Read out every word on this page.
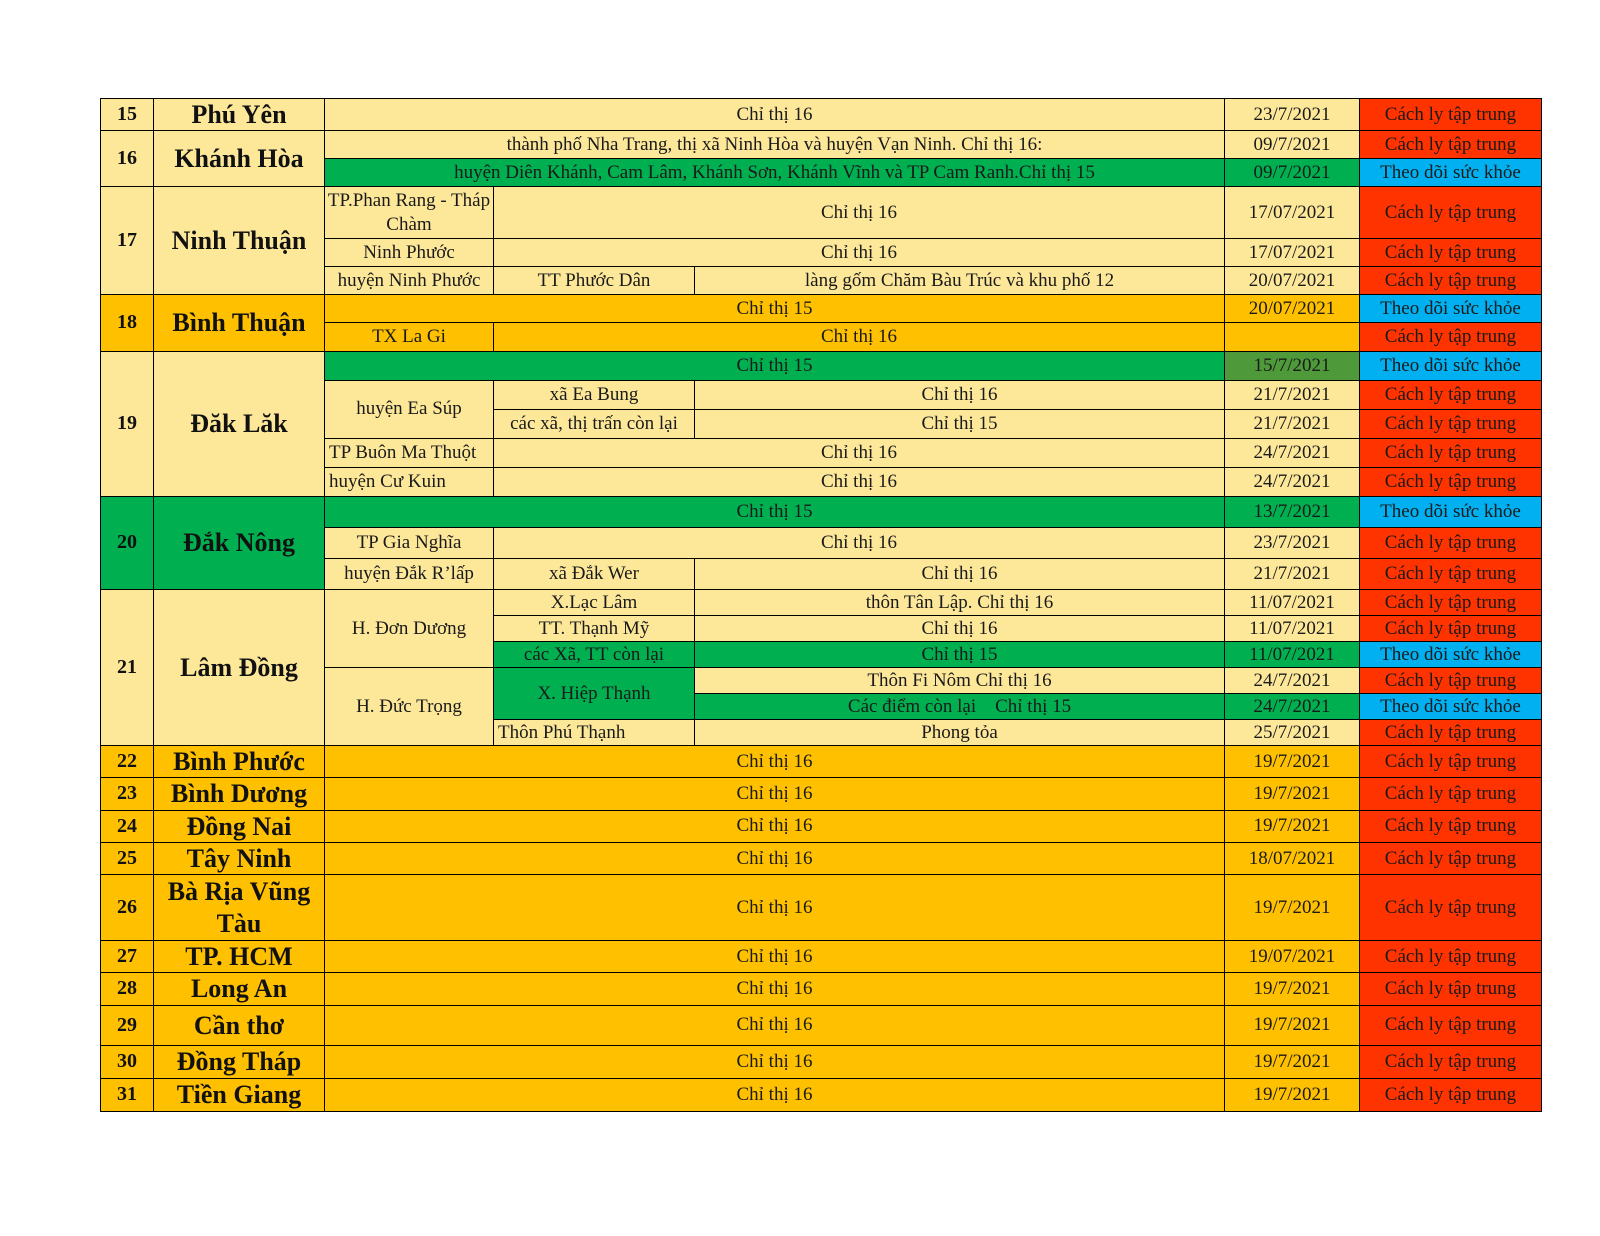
15	Phú Yên	Chỉ thị 16			23/7/2021	Cách ly tập trung
16	Khánh Hòa	thành phố Nha Trang, thị xã Ninh Hòa và huyện Vạn Ninh. Chỉ thị 16:			09/7/2021	Cách ly tập trung
		huyện Diên Khánh, Cam Lâm, Khánh Sơn, Khánh Vĩnh và TP Cam Ranh.Chỉ thị 15			09/7/2021	Theo dõi sức khỏe
17	Ninh Thuận	TP.Phan Rang - Tháp Chàm	Chỉ thị 16		17/07/2021	Cách ly tập trung
		Ninh Phước	Chỉ thị 16		17/07/2021	Cách ly tập trung
		huyện Ninh Phước	TT Phước Dân	làng gốm Chăm Bàu Trúc và khu phố 12	20/07/2021	Cách ly tập trung
18	Bình Thuận	Chỉ thị 15			20/07/2021	Theo dõi sức khỏe
		TX La Gi	Chỉ thị 16			Cách ly tập trung
19	Đăk Lăk	Chỉ thị 15			15/7/2021	Theo dõi sức khỏe
		huyện Ea Súp	xã Ea Bung	Chỉ thị 16	21/7/2021	Cách ly tập trung
			các xã, thị trấn còn lại	Chỉ thị 15	21/7/2021	Cách ly tập trung
		TP Buôn Ma Thuột	Chỉ thị 16		24/7/2021	Cách ly tập trung
		huyện Cư Kuin	Chỉ thị 16		24/7/2021	Cách ly tập trung
20	Đắk Nông	Chỉ thị 15			13/7/2021	Theo dõi sức khỏe
		TP Gia Nghĩa	Chỉ thị 16		23/7/2021	Cách ly tập trung
		huyện Đắk R’lấp	xã Đắk Wer	Chỉ thị 16	21/7/2021	Cách ly tập trung
21	Lâm Đồng	H. Đơn Dương	X.Lạc Lâm	thôn Tân Lập. Chỉ thị 16	11/07/2021	Cách ly tập trung
			TT. Thạnh Mỹ	Chỉ thị 16	11/07/2021	Cách ly tập trung
			các Xã, TT còn lại	Chỉ thị 15	11/07/2021	Theo dõi sức khỏe
		H. Đức Trọng	X. Hiệp Thạnh	Thôn Fi Nôm Chỉ thị 16	24/7/2021	Cách ly tập trung
				Các điểm còn lại    Chỉ thị 15	24/7/2021	Theo dõi sức khỏe
			Thôn Phú Thạnh	Phong tỏa	25/7/2021	Cách ly tập trung
22	Bình Phước	Chỉ thị 16			19/7/2021	Cách ly tập trung
23	Bình Dương	Chỉ thị 16			19/7/2021	Cách ly tập trung
24	Đồng Nai	Chỉ thị 16			19/7/2021	Cách ly tập trung
25	Tây Ninh	Chỉ thị 16			18/07/2021	Cách ly tập trung
26	Bà Rịa Vũng Tàu	Chỉ thị 16			19/7/2021	Cách ly tập trung
27	TP. HCM	Chỉ thị 16			19/07/2021	Cách ly tập trung
28	Long An	Chỉ thị 16			19/7/2021	Cách ly tập trung
29	Cần thơ	Chỉ thị 16			19/7/2021	Cách ly tập trung
30	Đồng Tháp	Chỉ thị 16			19/7/2021	Cách ly tập trung
31	Tiền Giang	Chỉ thị 16			19/7/2021	Cách ly tập trung
